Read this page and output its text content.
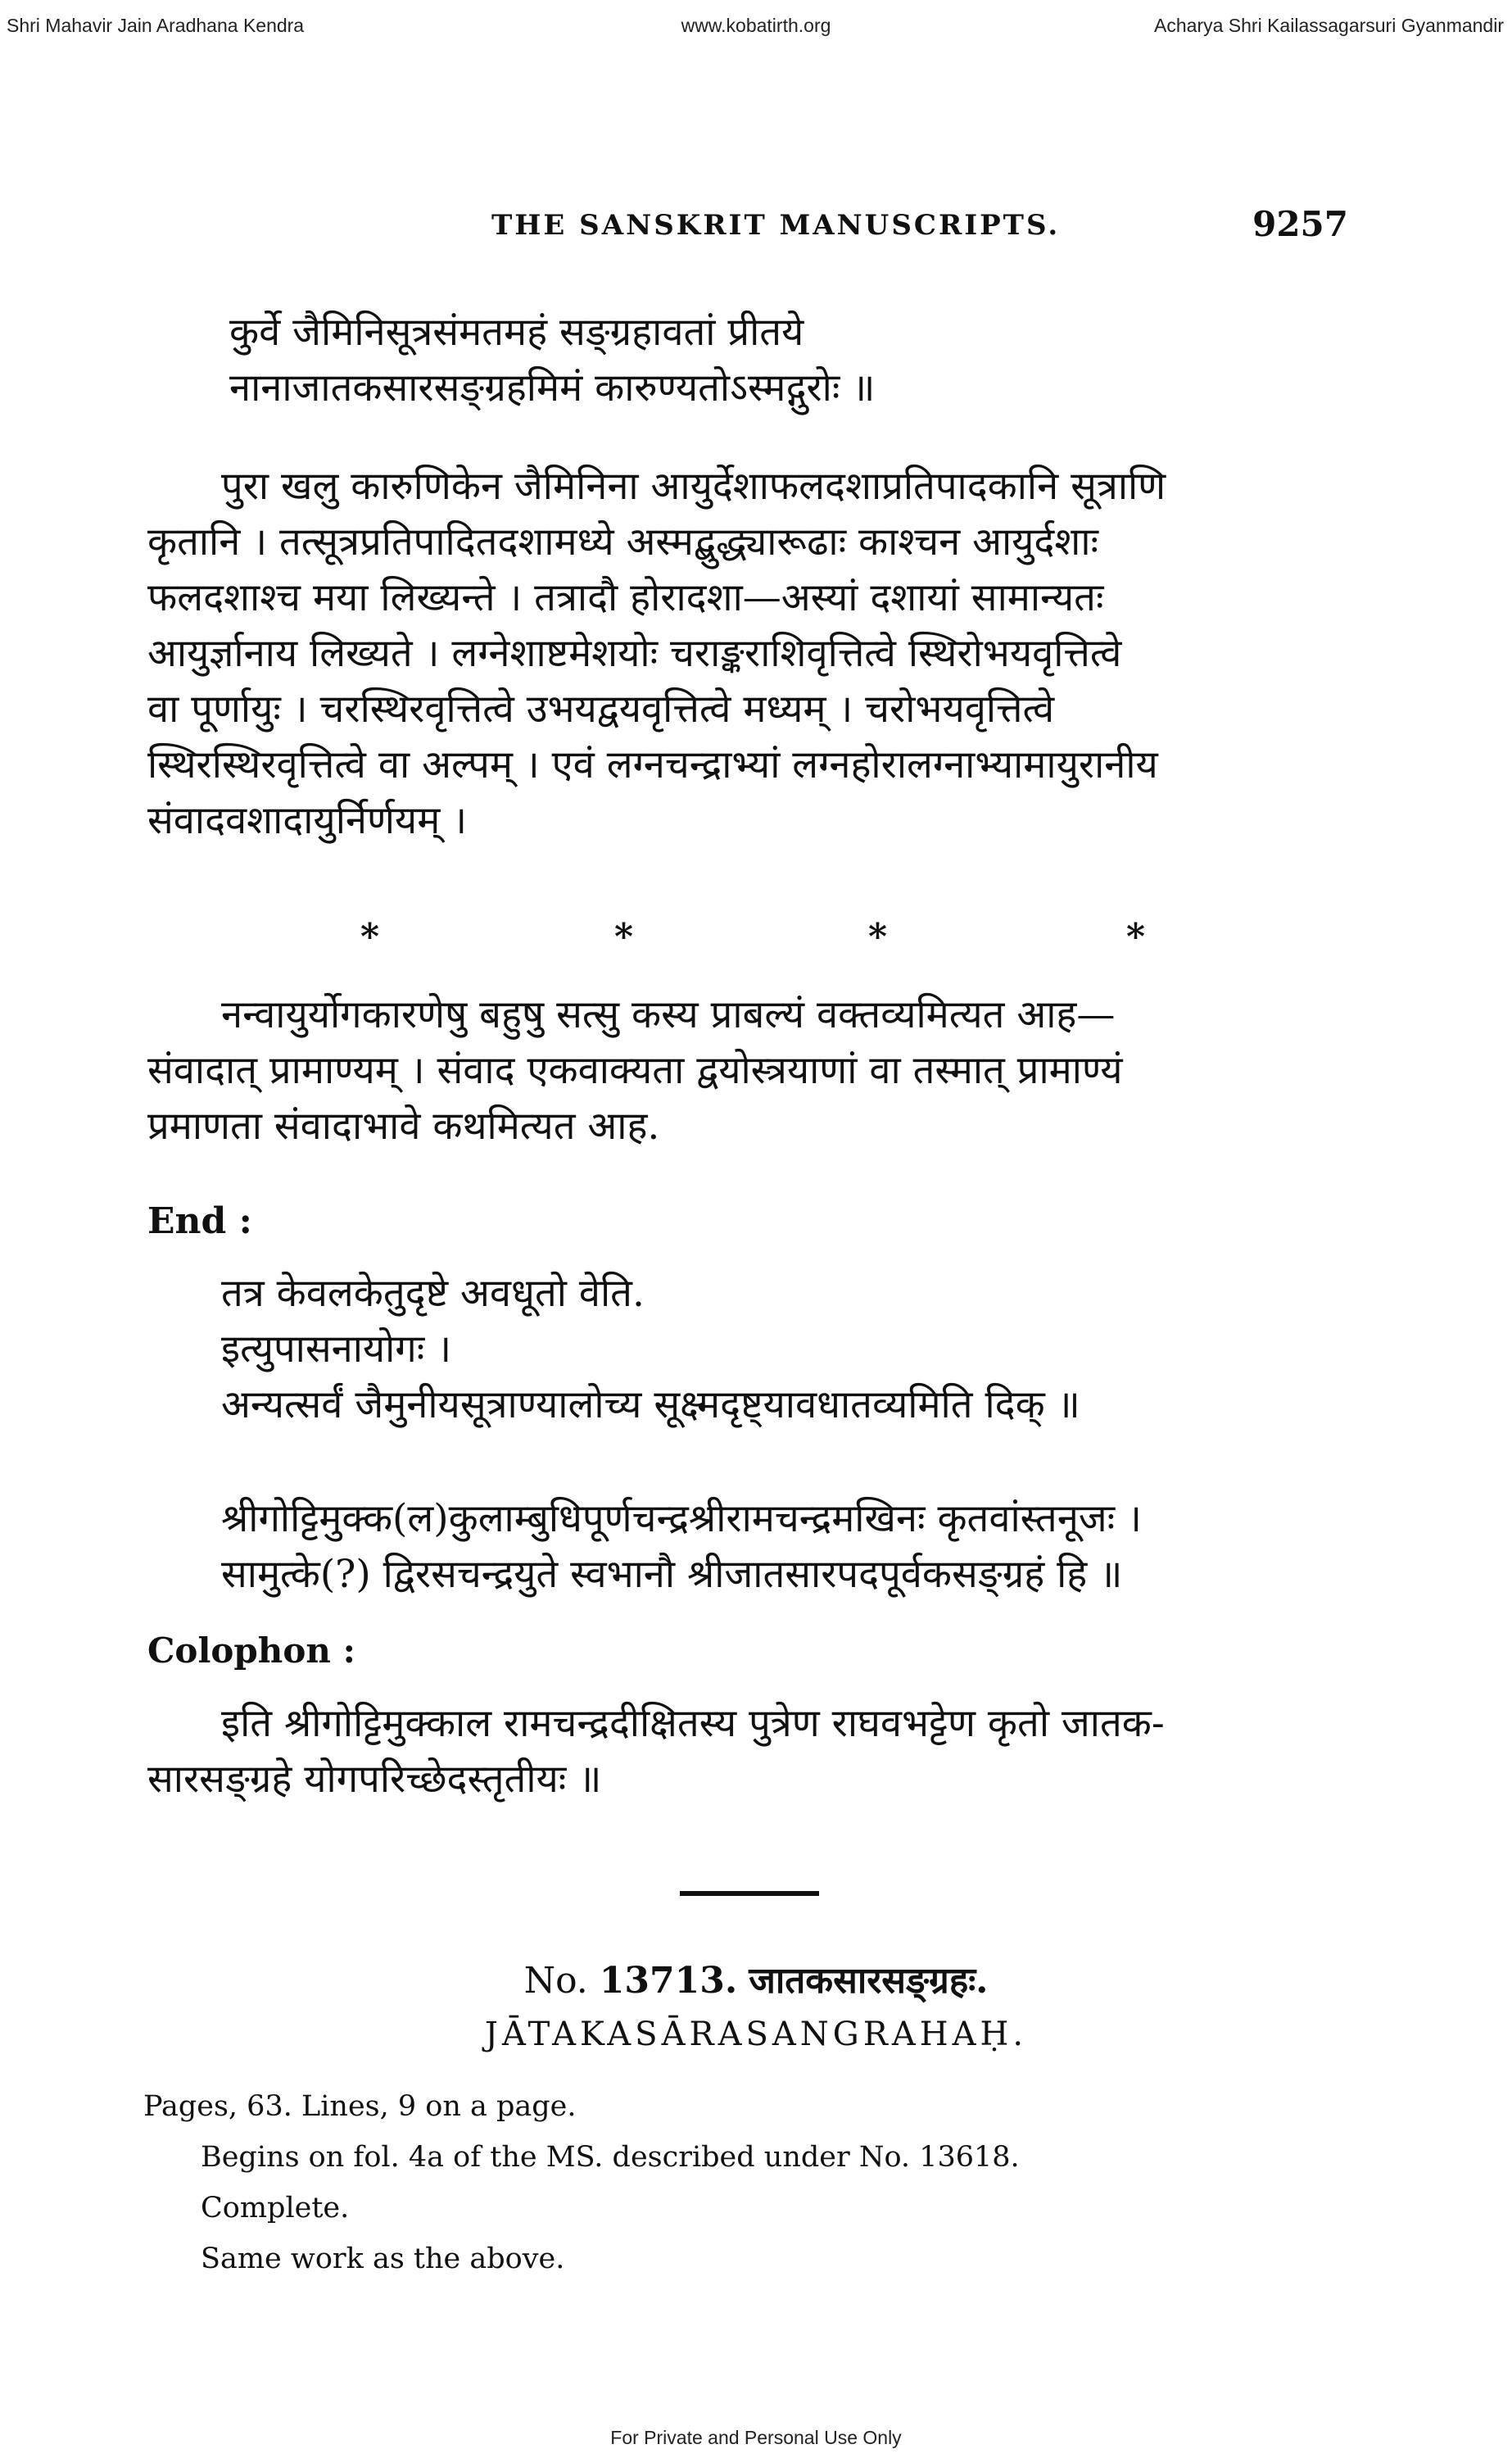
Shri Mahavir Jain Aradhana Kendra	www.kobatirth.org	Acharya Shri Kailassagarsuri Gyanmandir
THE SANSKRIT MANUSCRIPTS.	9257
कुर्वे जैमिनिसूत्रसंमतमहं सङ्ग्रहावतां प्रीतये
नानाजातकसारसङ्ग्रहमिमं कारुण्यतोऽस्मद्गुरोः ॥
पुरा खलु कारुणिकेन जैमिनिना आयुर्देशाफलदशाप्रतिपादकानि सूत्राणि
कृतानि । तत्सूत्रप्रतिपादितदशामध्ये अस्मद्बुद्ध्यारूढाः काश्चन आयुर्दशाः
फलदशाश्च मया लिख्यन्ते । तत्रादौ होरादशा—अस्यां दशायां सामान्यतः
आयुर्ज्ञानाय लिख्यते । लग्नेशाष्टमेशयोः चराङ्कराशिवृत्तित्वे स्थिरोभयवृत्तित्वे
वा पूर्णायुः । चरस्थिरवृत्तित्वे उभयद्वयवृत्तित्वे मध्यम् । चरोभयवृत्तित्वे
स्थिरस्थिरवृत्तित्वे वा अल्पम् । एवं लग्नचन्द्राभ्यां लग्नहोरालग्नाभ्यामायुरानीय
संवादवशादायुर्निर्णयम् ।
*	*	*	*
नन्वायुर्योगकारणेषु बहुषु सत्सु कस्य प्राबल्यं वक्तव्यमित्यत आह—
संवादात् प्रामाण्यम् । संवाद एकवाक्यता द्वयोस्त्रयाणां वा तस्मात् प्रामाण्यं
प्रमाणता संवादाभावे कथमित्यत आह.
End :
तत्र केवलकेतुदृष्टे अवधूतो वेति.
इत्युपासनायोगः ।
अन्यत्सर्वं जैमुनीयसूत्राण्यालोच्य सूक्ष्मदृष्ट्यावधातव्यमिति दिक् ॥
श्रीगोट्टिमुक्क(ल)कुलाम्बुधिपूर्णचन्द्रश्रीरामचन्द्रमखिनः कृतवांस्तनूजः ।
सामुत्के(?) द्विरसचन्द्रयुते स्वभानौ श्रीजातसारपदपूर्वकसङ्ग्रहं हि ॥
Colophon :
इति श्रीगोट्टिमुक्काल रामचन्द्रदीक्षितस्य पुत्रेण राघवभट्टेण कृतो जातक-
सारसङ्ग्रहे योगपरिच्छेदस्तृतीयः ॥
No. 13713. जातकसारसङ्ग्रहः.
JĀTAKASĀRASANGRAHAḤ.
Pages, 63. Lines, 9 on a page.
Begins on fol. 4a of the MS. described under No. 13618.
Complete.
Same work as the above.
For Private and Personal Use Only
